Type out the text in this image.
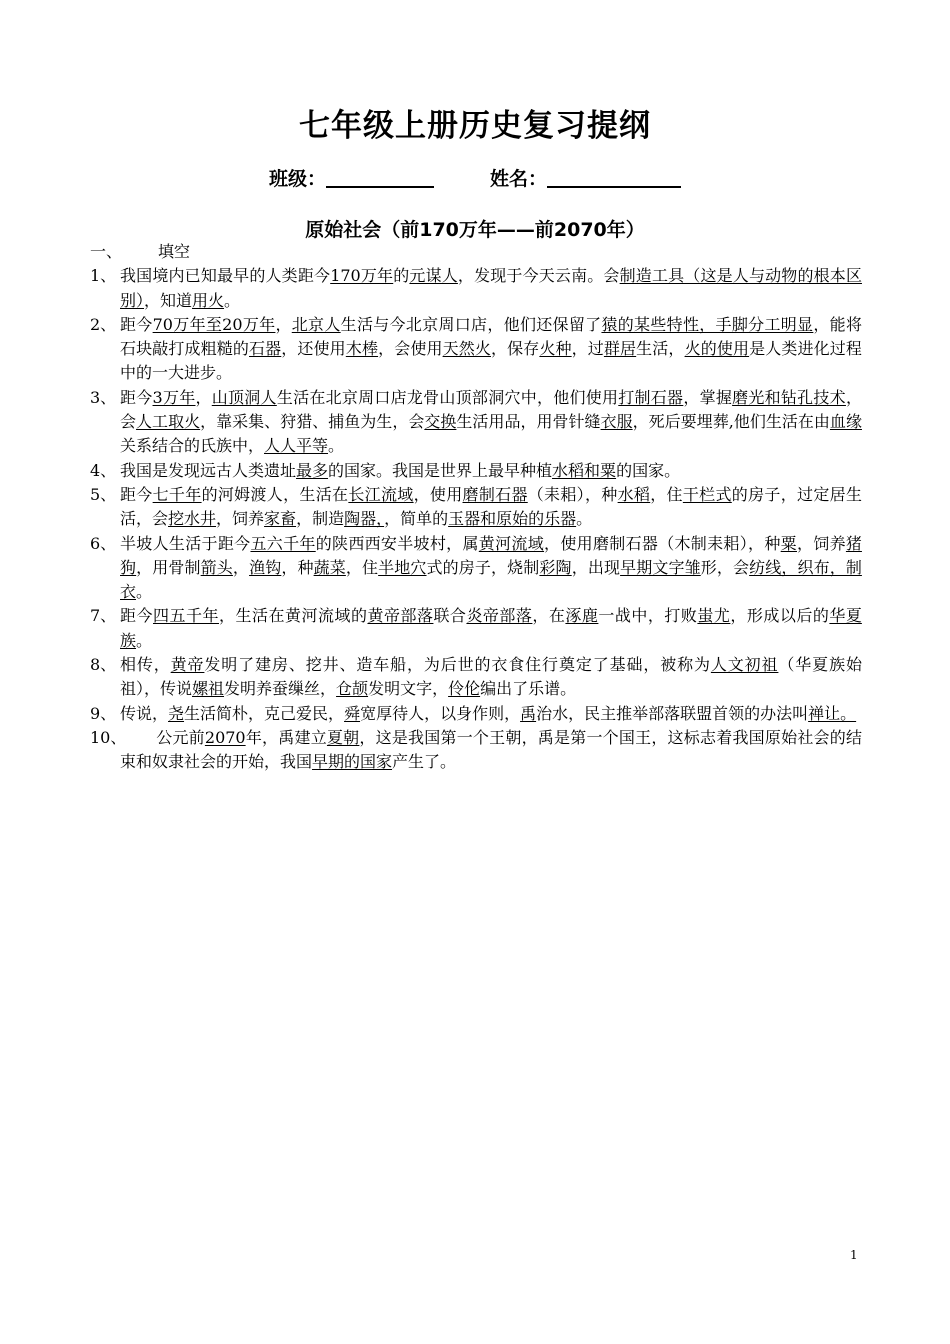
七年级上册历史复习提纲
班级：	姓名：
原始社会（前170万年——前2070年）

一、 填空

1、 我国境内已知最早的人类距今170万年的元谋人，发现于今天云南。会制造工具（这是人与动物的根本区别），知道用火。

2、 距今70万年至20万年，北京人生活与今北京周口店，他们还保留了猿的某些特性，手脚分工明显，能将石块敲打成粗糙的石器，还使用木棒，会使用天然火，保存火种，过群居生活，火的使用是人类进化过程中的一大进步。

3、 距今3万年，山顶洞人生活在北京周口店龙骨山顶部洞穴中，他们使用打制石器，掌握磨光和钻孔技术，会人工取火，靠采集、狩猎、捕鱼为生，会交换生活用品，用骨针缝衣服，死后要埋葬,他们生活在由血缘关系结合的氏族中，人人平等。

4、 我国是发现远古人类遗址最多的国家。我国是世界上最早种植水稻和粟的国家。

5、 距今七千年的河姆渡人，生活在长江流域，使用磨制石器（耒耜），种水稻，住干栏式的房子，过定居生活，会挖水井，饲养家畜，制造陶器，，简单的玉器和原始的乐器。

6、 半坡人生活于距今五六千年的陕西西安半坡村，属黄河流域，使用磨制石器（木制耒耜），种粟，饲养猪狗，用骨制箭头，渔钩，种蔬菜，住半地穴式的房子，烧制彩陶，出现早期文字雏形，会纺线，织布，制衣。

7、 距今四五千年，生活在黄河流域的黄帝部落联合炎帝部落，在涿鹿一战中，打败蚩尤，形成以后的华夏族。

8、 相传，黄帝发明了建房、挖井、造车船，为后世的衣食住行奠定了基础，被称为人文初祖（华夏族始祖），传说嫘祖发明养蚕缫丝，仓颉发明文字，伶伦编出了乐谱。

9、 传说，尧生活简朴，克己爱民，舜宽厚待人，以身作则，禹治水，民主推举部落联盟首领的办法叫禅让。

10、 公元前2070年，禹建立夏朝，这是我国第一个王朝，禹是第一个国王，这标志着我国原始社会的结束和奴隶社会的开始，我国早期的国家产生了。

1
